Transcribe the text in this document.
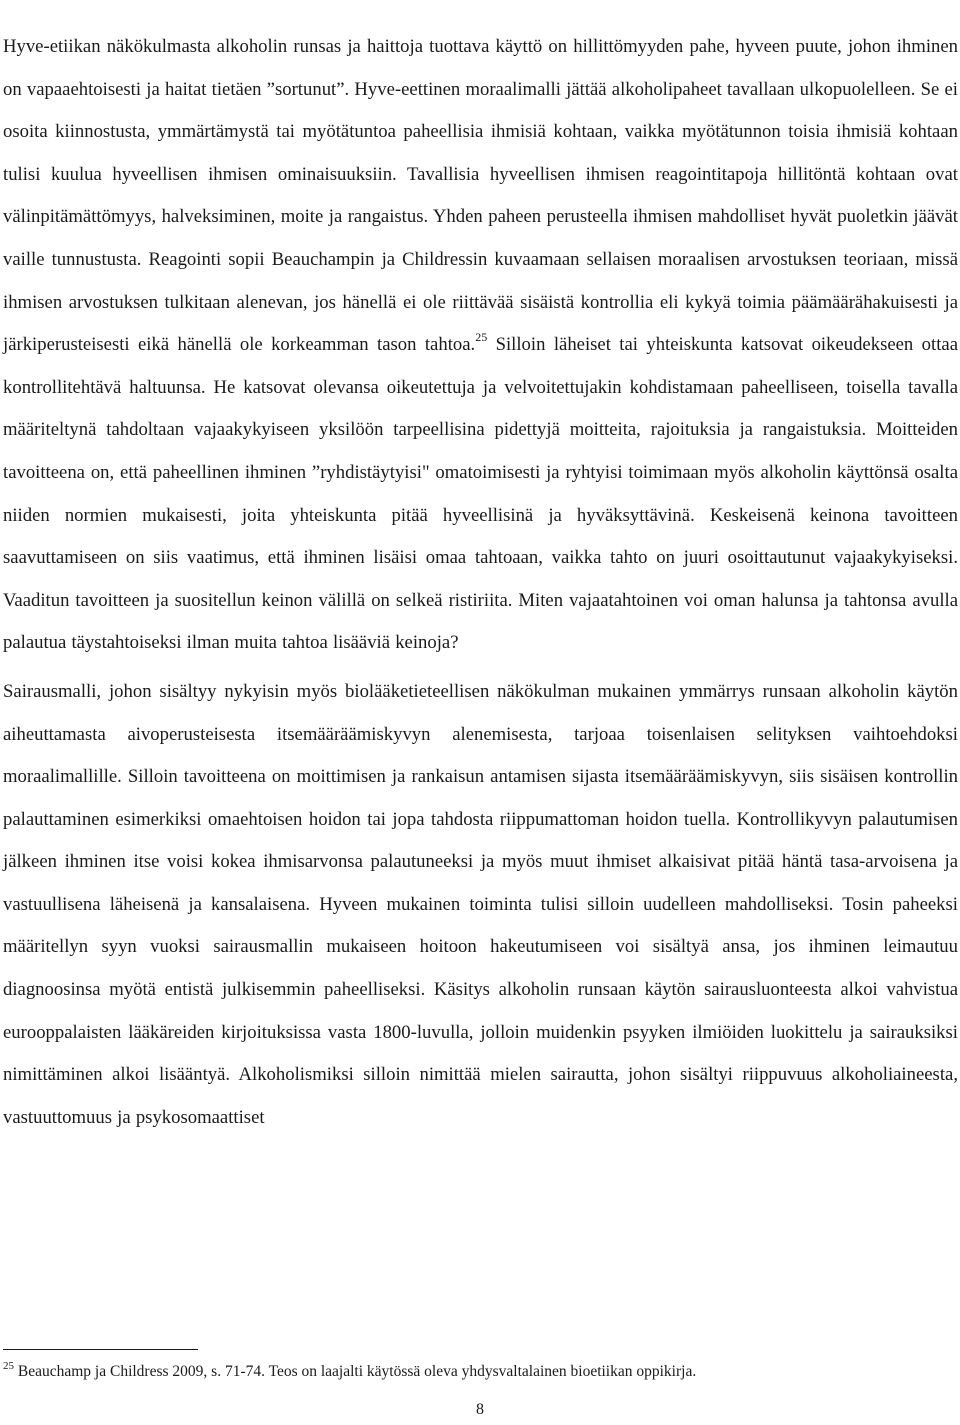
Hyve-etiikan näkökulmasta alkoholin runsas ja haittoja tuottava käyttö on hillittömyyden pahe, hyveen puute, johon ihminen on vapaaehtoisesti ja haitat tietäen ”sortunut”. Hyve-eettinen moraalimalli jättää alkoholipaheet tavallaan ulkopuolelleen. Se ei osoita kiinnostusta, ymmärtämystä tai myötätuntoa paheellisia ihmisiä kohtaan, vaikka myötätunnon toisia ihmisiä kohtaan tulisi kuulua hyveellisen ihmisen ominaisuuksiin. Tavallisia hyveellisen ihmisen reagointitapoja hillitöntä kohtaan ovat välinpitämättömyys, halveksiminen, moite ja rangaistus. Yhden paheen perusteella ihmisen mahdolliset hyvät puoletkin jäävät vaille tunnustusta. Reagointi sopii Beauchampin ja Childressin kuvaamaan sellaisen moraalisen arvostuksen teoriaan, missä ihmisen arvostuksen tulkitaan alenevan, jos hänellä ei ole riittävää sisäistä kontrollia eli kykyä toimia päämäärähakuisesti ja järkiperusteisesti eikä hänellä ole korkeamman tason tahtoa.$^{25}$ Silloin läheiset tai yhteiskunta katsovat oikeudekseen ottaa kontrollitehtävä haltuunsa. He katsovat olevansa oikeutettuja ja velvoitettujakin kohdistamaan paheelliseen, toisella tavalla määriteltynä tahdoltaan vajaakykyiseen yksilöön tarpeellisina pidettyjä moitteita, rajoituksia ja rangaistuksia. Moitteiden tavoitteena on, että paheellinen ihminen ”ryhdistäytyisi" omatoimisesti ja ryhtyisi toimimaan myös alkoholin käyttönsä osalta niiden normien mukaisesti, joita yhteiskunta pitää hyveellisinä ja hyväksyttävinä. Keskeisenä keinona tavoitteen saavuttamiseen on siis vaatimus, että ihminen lisäisi omaa tahtoaan, vaikka tahto on juuri osoittautunut vajaakykyiseksi. Vaaditun tavoitteen ja suositellun keinon välillä on selkeä ristiriita. Miten vajaatahtoinen voi oman halunsa ja tahtonsa avulla palautua täystahtoiseksi ilman muita tahtoa lisääviä keinoja?

Sairausmalli, johon sisältyy nykyisin myös biolääketieteellisen näkökulman mukainen ymmärrys runsaan alkoholin käytön aiheuttamasta aivoperusteisesta itsemääräämiskyvyn alenemisesta, tarjoaa toisenlaisen selityksen vaihtoehdoksi moraalimallille. Silloin tavoitteena on moittimisen ja rankaisun antamisen sijasta itsemääräämiskyvyn, siis sisäisen kontrollin palauttaminen esimerkiksi omaehtoisen hoidon tai jopa tahdosta riippumattoman hoidon tuella. Kontrollikyvyn palautumisen jälkeen ihminen itse voisi kokea ihmisarvonsa palautuneeksi ja myös muut ihmiset alkaisivat pitää häntä tasa-arvoisena ja vastuullisena läheisenä ja kansalaisena. Hyveen mukainen toiminta tulisi silloin uudelleen mahdolliseksi. Tosin paheeksi määritellyn syyn vuoksi sairausmallin mukaiseen hoitoon hakeutumiseen voi sisältyä ansa, jos ihminen leimautuu diagnoosinsa myötä entistä julkisemmin paheelliseksi. Käsitys alkoholin runsaan käytön sairausluonteesta alkoi vahvistua eurooppalaisten lääkäreiden kirjoituksissa vasta 1800-luvulla, jolloin muidenkin psyyken ilmiöiden luokittelu ja sairauksiksi nimittäminen alkoi lisääntyä. Alkoholismiksi silloin nimittää mielen sairautta, johon sisältyi riippuvuus alkoholiaineesta, vastuuttomuus ja psykosomaattiset

$^{25}$ Beauchamp ja Childress 2009, s. 71-74. Teos on laajalti käytössä oleva yhdysvaltalainen bioetiikan oppikirja.
8
